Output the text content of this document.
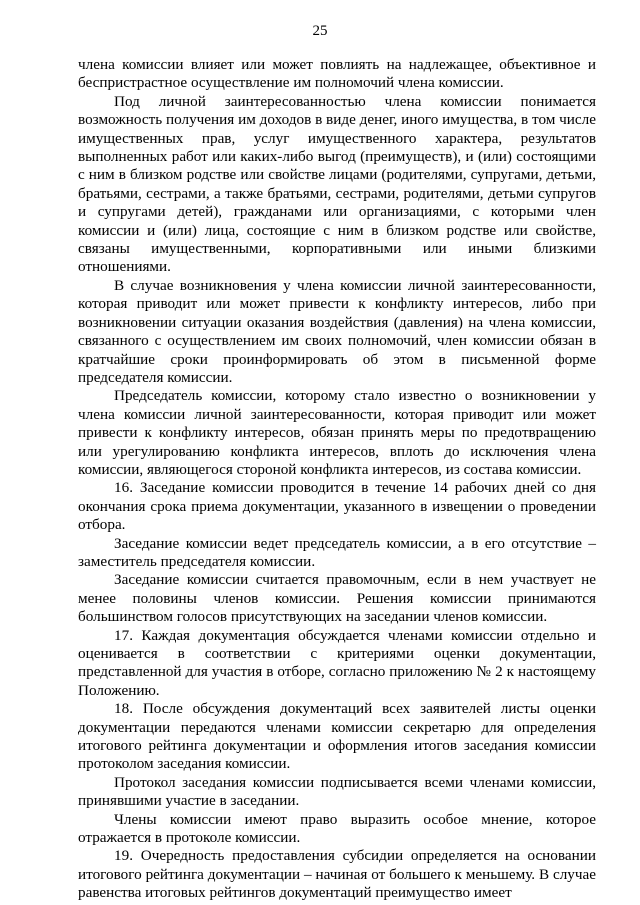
25

члена комиссии влияет или может повлиять на надлежащее, объективное и беспристрастное осуществление им полномочий члена комиссии.

Под личной заинтересованностью члена комиссии понимается возможность получения им доходов в виде денег, иного имущества, в том числе имущественных прав, услуг имущественного характера, результатов выполненных работ или каких-либо выгод (преимуществ), и (или) состоящими с ним в близком родстве или свойстве лицами (родителями, супругами, детьми, братьями, сестрами, а также братьями, сестрами, родителями, детьми супругов и супругами детей), гражданами или организациями, с которыми член комиссии и (или) лица, состоящие с ним в близком родстве или свойстве, связаны имущественными, корпоративными или иными близкими отношениями.

В случае возникновения у члена комиссии личной заинтересованности, которая приводит или может привести к конфликту интересов, либо при возникновении ситуации оказания воздействия (давления) на члена комиссии, связанного с осуществлением им своих полномочий, член комиссии обязан в кратчайшие сроки проинформировать об этом в письменной форме председателя комиссии.

Председатель комиссии, которому стало известно о возникновении у члена комиссии личной заинтересованности, которая приводит или может привести к конфликту интересов, обязан принять меры по предотвращению или урегулированию конфликта интересов, вплоть до исключения члена комиссии, являющегося стороной конфликта интересов, из состава комиссии.

16. Заседание комиссии проводится в течение 14 рабочих дней со дня окончания срока приема документации, указанного в извещении о проведении отбора.

Заседание комиссии ведет председатель комиссии, а в его отсутствие – заместитель председателя комиссии.

Заседание комиссии считается правомочным, если в нем участвует не менее половины членов комиссии. Решения комиссии принимаются большинством голосов присутствующих на заседании членов комиссии.

17. Каждая документация обсуждается членами комиссии отдельно и оценивается в соответствии с критериями оценки документации, представленной для участия в отборе, согласно приложению № 2 к настоящему Положению.

18. После обсуждения документаций всех заявителей листы оценки документации передаются членами комиссии секретарю для определения итогового рейтинга документации и оформления итогов заседания комиссии протоколом заседания комиссии.

Протокол заседания комиссии подписывается всеми членами комиссии, принявшими участие в заседании.

Члены комиссии имеют право выразить особое мнение, которое отражается в протоколе комиссии.

19. Очередность предоставления субсидии определяется на основании итогового рейтинга документации – начиная от большего к меньшему. В случае равенства итоговых рейтингов документаций преимущество имеет
